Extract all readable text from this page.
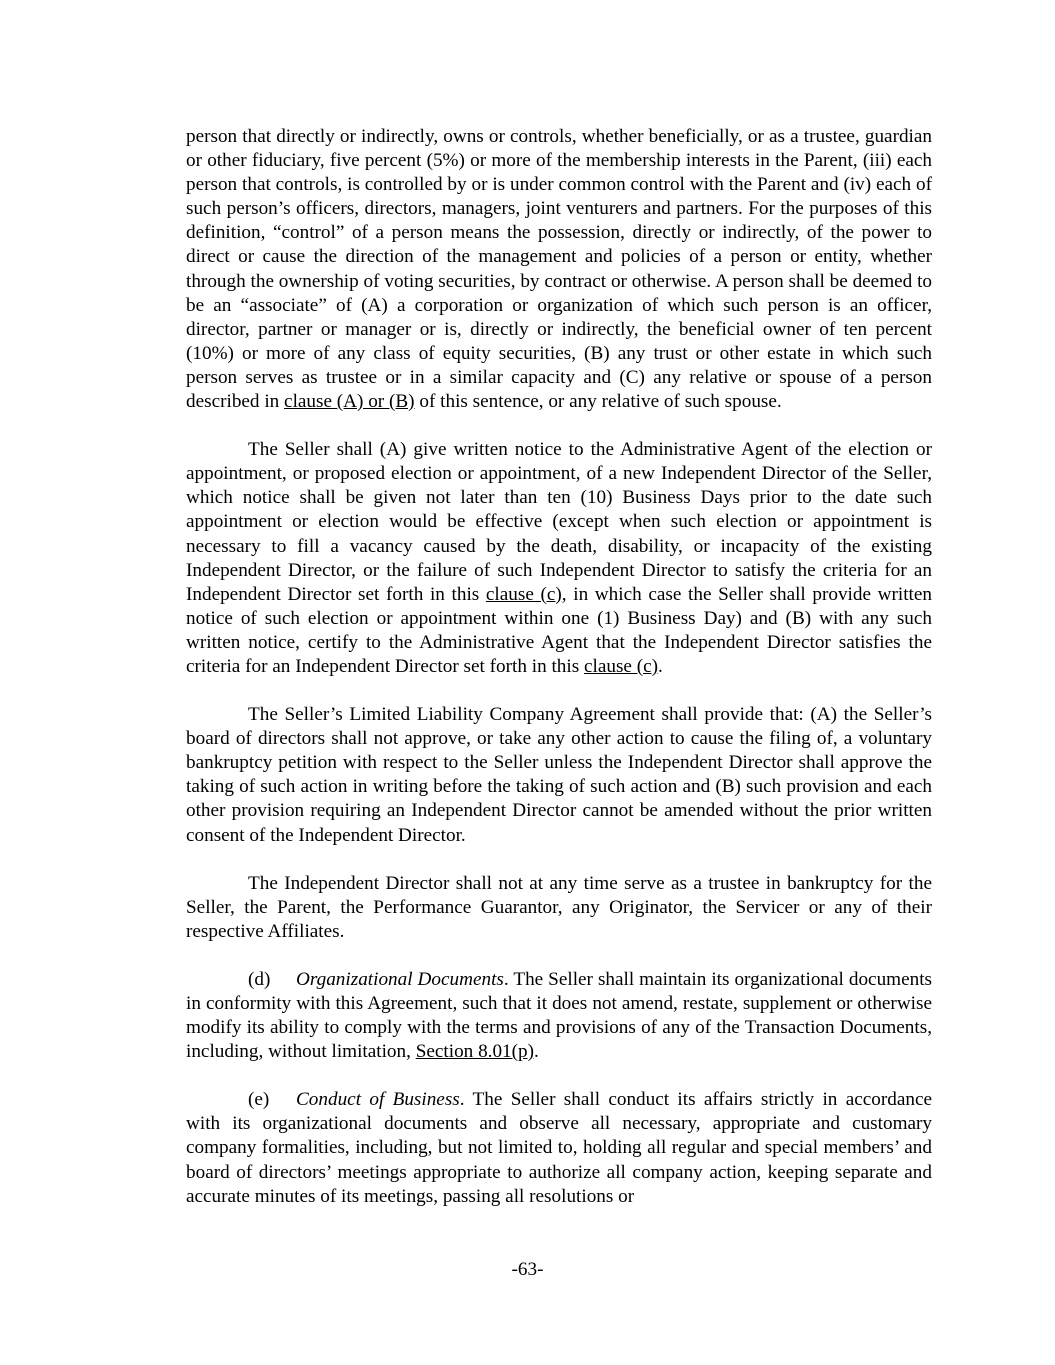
person that directly or indirectly, owns or controls, whether beneficially, or as a trustee, guardian or other fiduciary, five percent (5%) or more of the membership interests in the Parent, (iii) each person that controls, is controlled by or is under common control with the Parent and (iv) each of such person’s officers, directors, managers, joint venturers and partners. For the purposes of this definition, “control” of a person means the possession, directly or indirectly, of the power to direct or cause the direction of the management and policies of a person or entity, whether through the ownership of voting securities, by contract or otherwise. A person shall be deemed to be an “associate” of (A) a corporation or organization of which such person is an officer, director, partner or manager or is, directly or indirectly, the beneficial owner of ten percent (10%) or more of any class of equity securities, (B) any trust or other estate in which such person serves as trustee or in a similar capacity and (C) any relative or spouse of a person described in clause (A) or (B) of this sentence, or any relative of such spouse.

The Seller shall (A) give written notice to the Administrative Agent of the election or appointment, or proposed election or appointment, of a new Independent Director of the Seller, which notice shall be given not later than ten (10) Business Days prior to the date such appointment or election would be effective (except when such election or appointment is necessary to fill a vacancy caused by the death, disability, or incapacity of the existing Independent Director, or the failure of such Independent Director to satisfy the criteria for an Independent Director set forth in this clause (c), in which case the Seller shall provide written notice of such election or appointment within one (1) Business Day) and (B) with any such written notice, certify to the Administrative Agent that the Independent Director satisfies the criteria for an Independent Director set forth in this clause (c).

The Seller’s Limited Liability Company Agreement shall provide that: (A) the Seller’s board of directors shall not approve, or take any other action to cause the filing of, a voluntary bankruptcy petition with respect to the Seller unless the Independent Director shall approve the taking of such action in writing before the taking of such action and (B) such provision and each other provision requiring an Independent Director cannot be amended without the prior written consent of the Independent Director.

The Independent Director shall not at any time serve as a trustee in bankruptcy for the Seller, the Parent, the Performance Guarantor, any Originator, the Servicer or any of their respective Affiliates.

(d) Organizational Documents. The Seller shall maintain its organizational documents in conformity with this Agreement, such that it does not amend, restate, supplement or otherwise modify its ability to comply with the terms and provisions of any of the Transaction Documents, including, without limitation, Section 8.01(p).

(e) Conduct of Business. The Seller shall conduct its affairs strictly in accordance with its organizational documents and observe all necessary, appropriate and customary company formalities, including, but not limited to, holding all regular and special members’ and board of directors’ meetings appropriate to authorize all company action, keeping separate and accurate minutes of its meetings, passing all resolutions or

-63-
